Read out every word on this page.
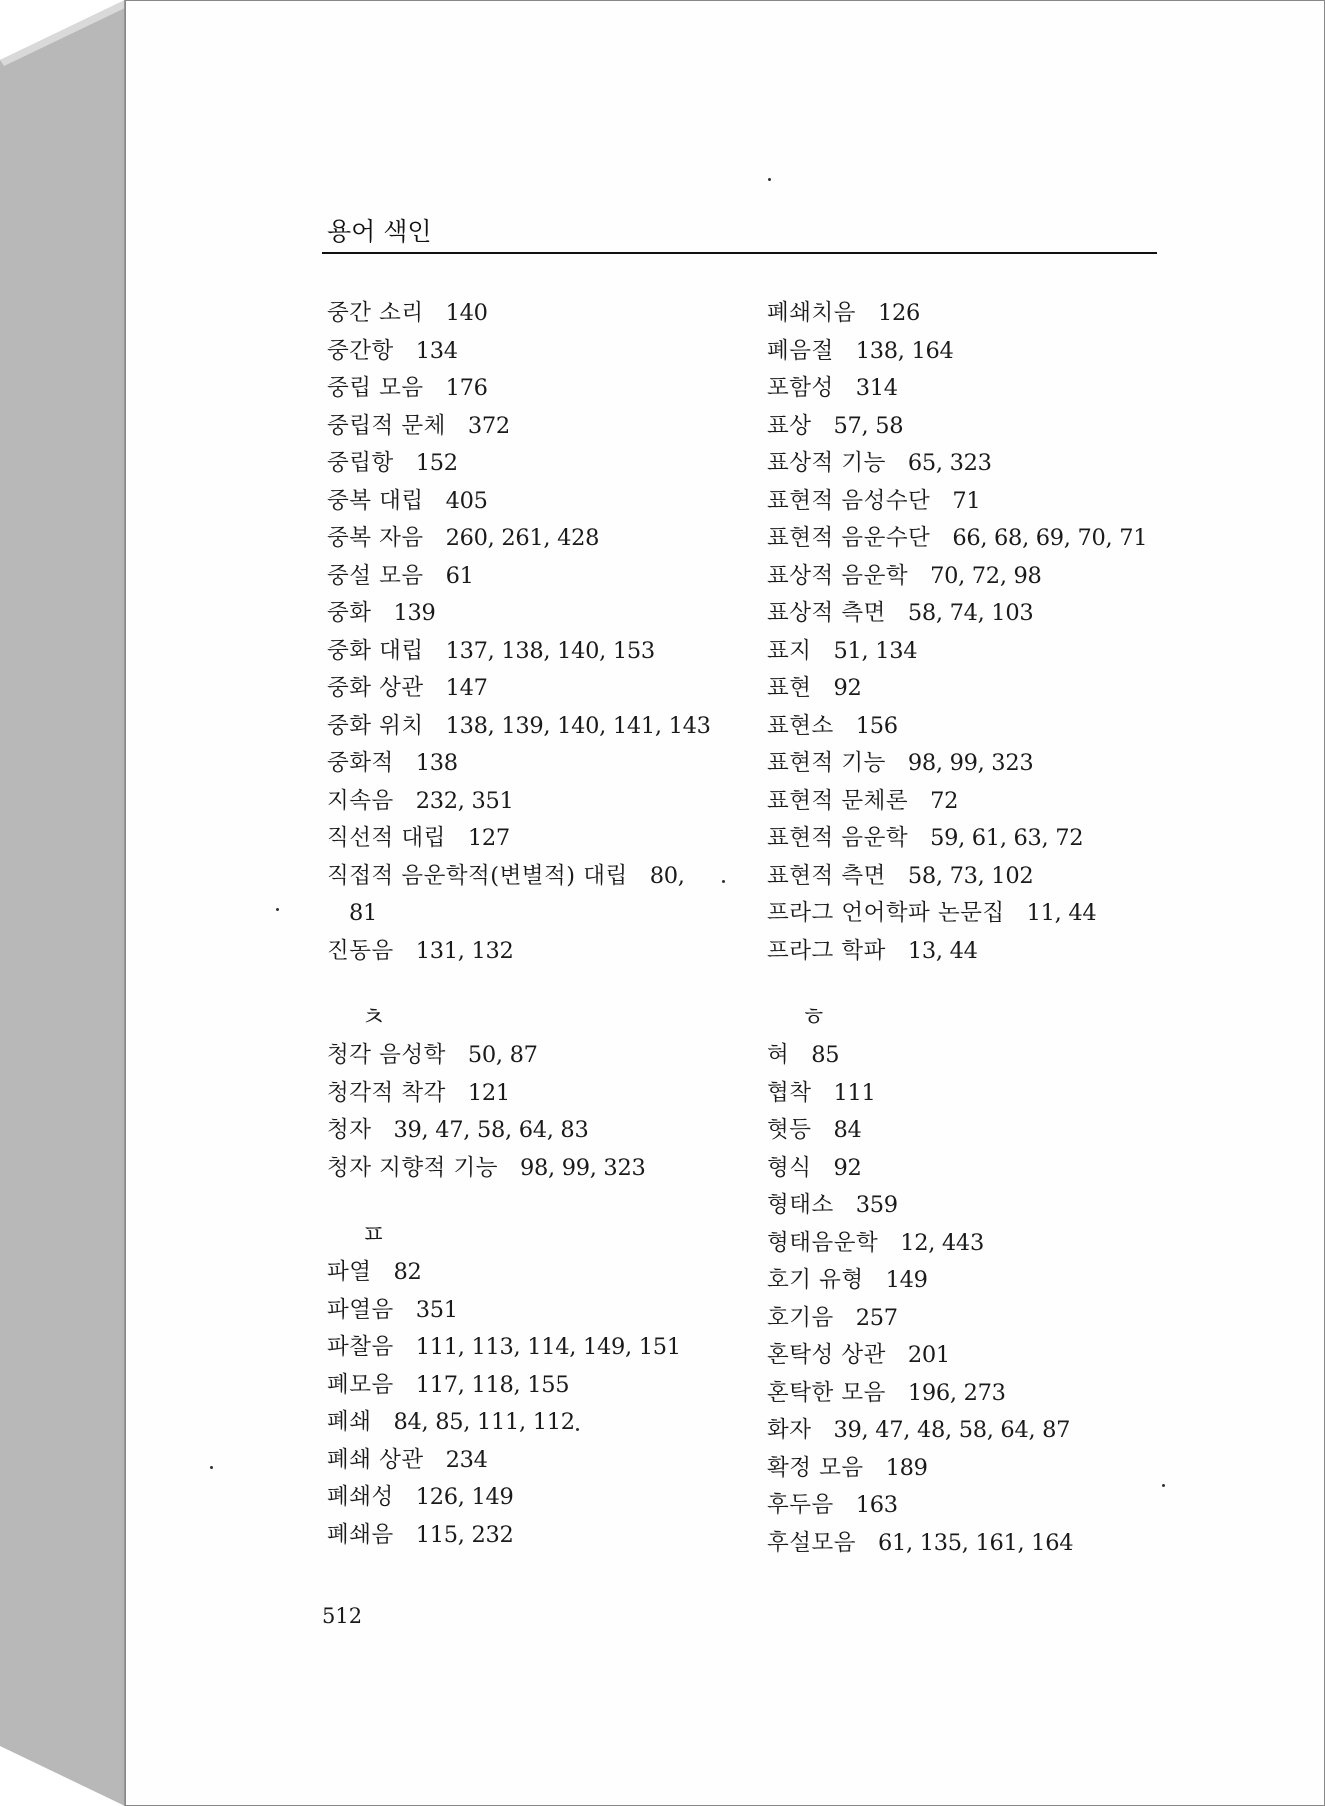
용어 색인
중간 소리 140
중간항 134
중립 모음 176
중립적 문체 372
중립항 152
중복 대립 405
중복 자음 260, 261, 428
중설 모음 61
중화 139
중화 대립 137, 138, 140, 153
중화 상관 147
중화 위치 138, 139, 140, 141, 143
중화적 138
지속음 232, 351
직선적 대립 127
직접적 음운학적(변별적) 대립 80,
81
진동음 131, 132
ㅊ
청각 음성학 50, 87
청각적 착각 121
청자 39, 47, 58, 64, 83
청자 지향적 기능 98, 99, 323
ㅍ
파열 82
파열음 351
파찰음 111, 113, 114, 149, 151
폐모음 117, 118, 155
폐쇄 84, 85, 111, 112
폐쇄 상관 234
폐쇄성 126, 149
폐쇄음 115, 232
폐쇄치음 126
폐음절 138, 164
포함성 314
표상 57, 58
표상적 기능 65, 323
표현적 음성수단 71
표현적 음운수단 66, 68, 69, 70, 71
표상적 음운학 70, 72, 98
표상적 측면 58, 74, 103
표지 51, 134
표현 92
표현소 156
표현적 기능 98, 99, 323
표현적 문체론 72
표현적 음운학 59, 61, 63, 72
표현적 측면 58, 73, 102
프라그 언어학파 논문집 11, 44
프라그 학파 13, 44
ㅎ
혀 85
협착 111
혓등 84
형식 92
형태소 359
형태음운학 12, 443
호기 유형 149
호기음 257
혼탁성 상관 201
혼탁한 모음 196, 273
화자 39, 47, 48, 58, 64, 87
확정 모음 189
후두음 163
후설모음 61, 135, 161, 164
512
